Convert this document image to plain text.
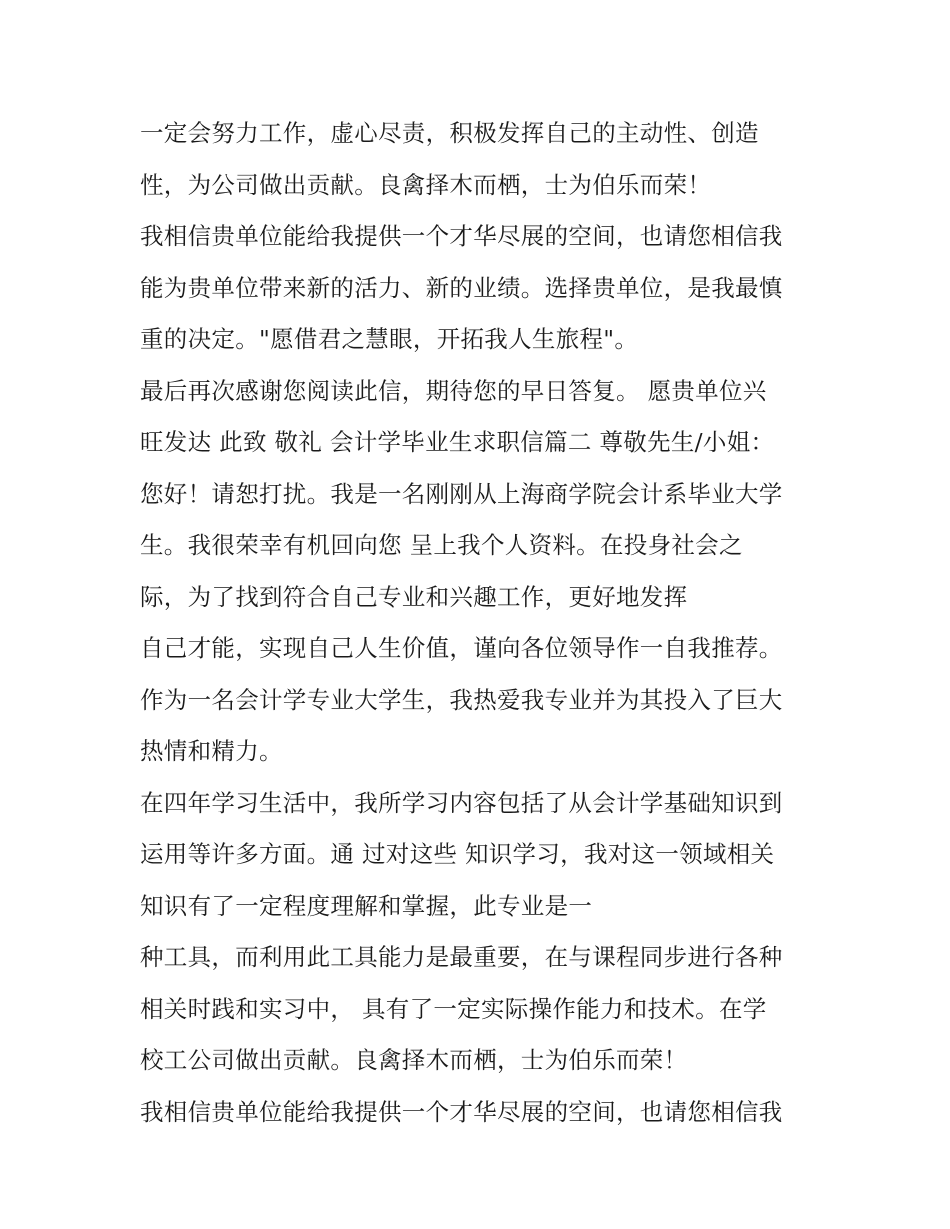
一定会努力工作，虚心尽责，积极发挥自己的主动性、创造
性，为公司做出贡献。良禽择木而栖，士为伯乐而荣！
我相信贵单位能给我提供一个才华尽展的空间，也请您相信我
能为贵单位带来新的活力、新的业绩。选择贵单位，是我最慎
重的决定。"愿借君之慧眼，开拓我人生旅程"。
最后再次感谢您阅读此信，期待您的早日答复。 愿贵单位兴
旺发达 此致 敬礼 会计学毕业生求职信篇二 尊敬先生/小姐：
您好！请恕打扰。我是一名刚刚从上海商学院会计系毕业大学
生。我很荣幸有机回向您 呈上我个人资料。在投身社会之
际，为了找到符合自己专业和兴趣工作，更好地发挥
自己才能，实现自己人生价值，谨向各位领导作一自我推荐。
作为一名会计学专业大学生，我热爱我专业并为其投入了巨大
热情和精力。
在四年学习生活中，我所学习内容包括了从会计学基础知识到
运用等许多方面。通 过对这些 知识学习，我对这一领域相关
知识有了一定程度理解和掌握，此专业是一
种工具，而利用此工具能力是最重要，在与课程同步进行各种
相关时践和实习中， 具有了一定实际操作能力和技术。在学
校工公司做出贡献。良禽择木而栖，士为伯乐而荣！
我相信贵单位能给我提供一个才华尽展的空间，也请您相信我
